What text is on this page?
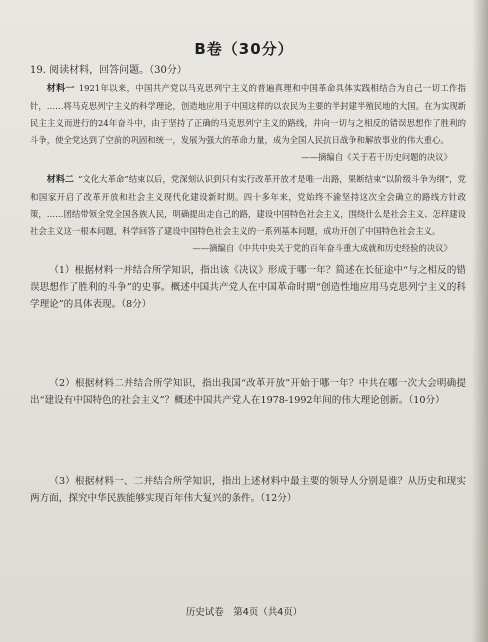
B卷（30分）
19. 阅读材料，回答问题。（30分）
材料一 1921年以来，中国共产党以马克思列宁主义的普遍真理和中国革命具体实践相结合为自己一切工作指针，……将马克思列宁主义的科学理论，创造地应用于中国这样的以农民为主要的半封建半殖民地的大国。在为实现新民主主义而进行的24年奋斗中，由于坚持了正确的马克思列宁主义的路线，并向一切与之相反的错误思想作了胜利的斗争，使全党达到了空前的巩固和统一，发展为强大的革命力量，成为全国人民抗日战争和解放事业的伟大重心。
——摘编自《关于若干历史问题的决议》
材料二 “文化大革命”结束以后，党深刻认识到只有实行改革开放才是唯一出路，果断结束“以阶级斗争为纲”，党和国家开启了改革开放和社会主义现代化建设新时期。四十多年来，党始终不渝坚持这次全会确立的路线方针政策，……团结带领全党全国各族人民，明确提出走自己的路，建设中国特色社会主义，围绕什么是社会主义、怎样建设社会主义这一根本问题，科学回答了建设中国特色社会主义的一系列基本问题，成功开创了中国特色社会主义。
——摘编自《中共中央关于党的百年奋斗重大成就和历史经验的决议》
（1）根据材料一并结合所学知识，指出该《决议》形成于哪一年？简述在长征途中“与之相反的错误思想作了胜利的斗争”的史事。概述中国共产党人在中国革命时期“创造性地应用马克思列宁主义的科学理论”的具体表现。（8分）
（2）根据材料二并结合所学知识，指出我国“改革开放”开始于哪一年？中共在哪一次大会明确提出“建设有中国特色的社会主义”？概述中国共产党人在1978-1992年间的伟大理论创新。（10分）
（3）根据材料一、二并结合所学知识，指出上述材料中最主要的领导人分别是谁？从历史和现实两方面，探究中华民族能够实现百年伟大复兴的条件。（12分）
历史试卷　第4页（共4页）
